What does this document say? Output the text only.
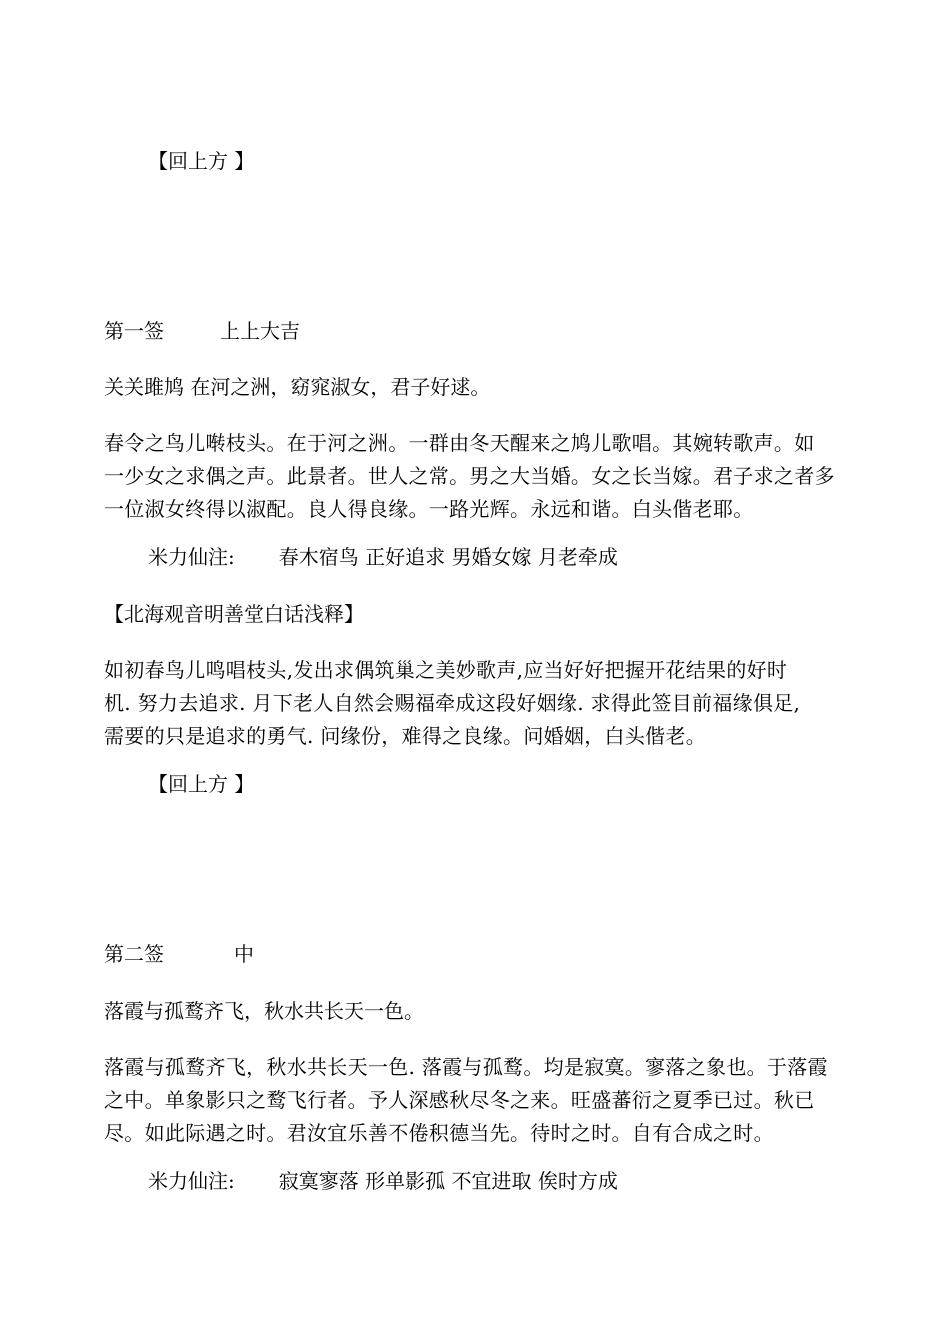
【回上方 】
第一签	上上大吉
关关雎鸠 在河之洲，窈窕淑女，君子好逑。
春令之鸟儿啭枝头。在于河之洲。一群由冬天醒来之鸠儿歌唱。其婉转歌声。如
一少女之求偶之声。此景者。世人之常。男之大当婚。女之长当嫁。君子求之者多
一位淑女终得以淑配。良人得良缘。一路光辉。永远和谐。白头偕老耶。
米力仙注: 春木宿鸟 正好追求 男婚女嫁 月老牵成
【北海观音明善堂白话浅释】
如初春鸟儿鸣唱枝头,发出求偶筑巢之美妙歌声,应当好好把握开花结果的好时
机. 努力去追求. 月下老人自然会赐福牵成这段好姻缘. 求得此签目前福缘俱足,
需要的只是追求的勇气. 问缘份，难得之良缘。问婚姻，白头偕老。
【回上方 】
第二签	中
落霞与孤鹜齐飞，秋水共长天一色。
落霞与孤鹜齐飞，秋水共长天一色. 落霞与孤鹜。均是寂寞。寥落之象也。于落霞
之中。单象影只之鹜飞行者。予人深感秋尽冬之来。旺盛蕃衍之夏季已过。秋已
尽。如此际遇之时。君汝宜乐善不倦积德当先。待时之时。自有合成之时。
米力仙注: 寂寞寥落 形单影孤 不宜进取 俟时方成
